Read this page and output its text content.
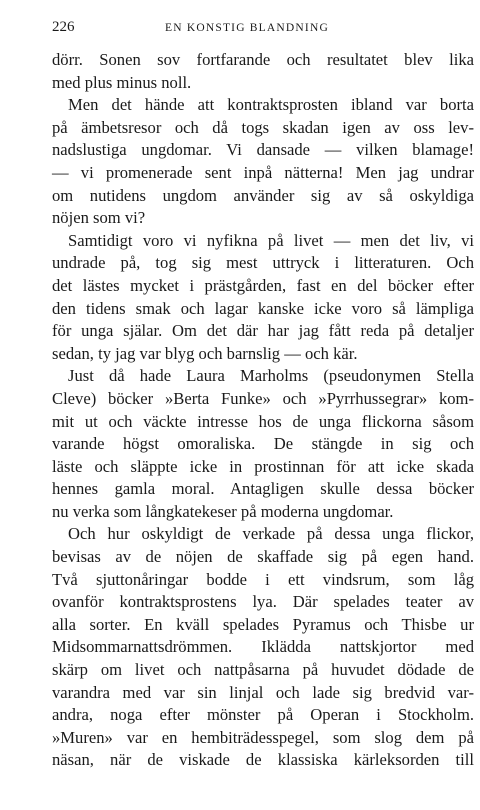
226	EN KONSTIG BLANDNING
dörr. Sonen sov fortfarande och resultatet blev lika
med plus minus noll.
Men det hände att kontraktsprosten ibland var borta
på ämbetsresor och då togs skadan igen av oss lev-
nadslustiga ungdomar. Vi dansade — vilken blamage!
— vi promenerade sent inpå nätterna! Men jag undrar
om nutidens ungdom använder sig av så oskyldiga
nöjen som vi?
Samtidigt voro vi nyfikna på livet — men det liv, vi
undrade på, tog sig mest uttryck i litteraturen. Och
det lästes mycket i prästgården, fast en del böcker efter
den tidens smak och lagar kanske icke voro så lämpliga
för unga själar. Om det där har jag fått reda på detaljer
sedan, ty jag var blyg och barnslig — och kär.
Just då hade Laura Marholms (pseudonymen Stella
Cleve) böcker »Berta Funke» och »Pyrrhussegrar» kom-
mit ut och väckte intresse hos de unga flickorna såsom
varande högst omoraliska. De stängde in sig och
läste och släppte icke in prostinnan för att icke skada
hennes gamla moral. Antagligen skulle dessa böcker
nu verka som långkatekeser på moderna ungdomar.
Och hur oskyldigt de verkade på dessa unga flickor,
bevisas av de nöjen de skaffade sig på egen hand.
Två sjuttonåringar bodde i ett vindsrum, som låg
ovanför kontraktsprostens lya. Där spelades teater av
alla sorter. En kväll spelades Pyramus och Thisbe ur
Midsommarnattsdrömmen. Iklädda nattskjortor med
skärp om livet och nattpåsarna på huvudet dödade de
varandra med var sin linjal och lade sig bredvid var-
andra, noga efter mönster på Operan i Stockholm.
»Muren» var en hembiträdesspegel, som slog dem på
näsan, när de viskade de klassiska kärleksorden till
